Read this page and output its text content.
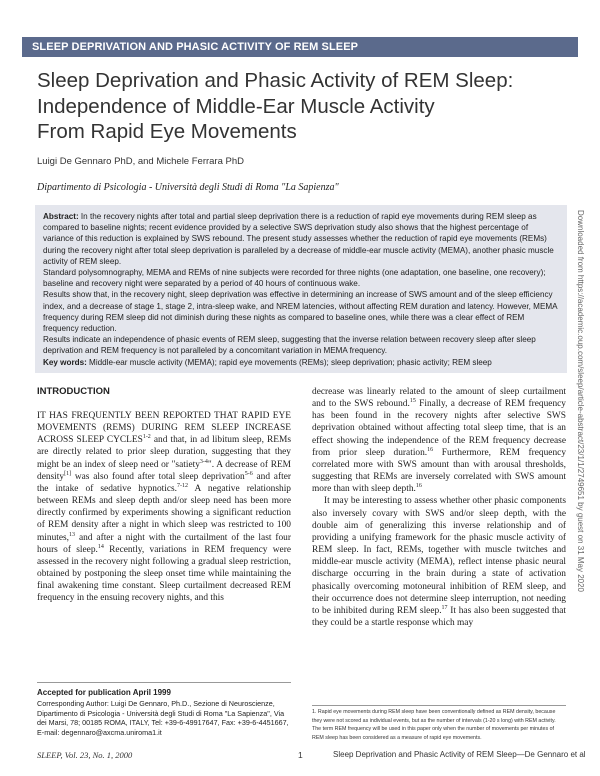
SLEEP DEPRIVATION AND PHASIC ACTIVITY OF REM SLEEP
Sleep Deprivation and Phasic Activity of REM Sleep:
Independence of Middle-Ear Muscle Activity
From Rapid Eye Movements
Luigi De Gennaro PhD, and Michele Ferrara PhD
Dipartimento di Psicologia - Università degli Studi di Roma "La Sapienza"

Abstract: In the recovery nights after total and partial sleep deprivation there is a reduction of rapid eye movements during REM sleep as compared to baseline nights; recent evidence provided by a selective SWS deprivation study also shows that the highest percentage of variance of this reduction is explained by SWS rebound. The present study assesses whether the reduction of rapid eye movements (REMs) during the recovery night after total sleep deprivation is paralleled by a decrease of middle-ear muscle activity (MEMA), another phasic muscle activity of REM sleep.

Standard polysomnography, MEMA and REMs of nine subjects were recorded for three nights (one adaptation, one baseline, one recovery); baseline and recovery night were separated by a period of 40 hours of continuous wake.

Results show that, in the recovery night, sleep deprivation was effective in determining an increase of SWS amount and of the sleep efficiency index, and a decrease of stage 1, stage 2, intra-sleep wake, and NREM latencies, without affecting REM duration and latency. However, MEMA frequency during REM sleep did not diminish during these nights as compared to baseline ones, while there was a clear effect of REM frequency reduction.

Results indicate an independence of phasic events of REM sleep, suggesting that the inverse relation between recovery sleep after sleep deprivation and REM frequency is not paralleled by a concomitant variation in MEMA frequency.

Key words: Middle-ear muscle activity (MEMA); rapid eye movements (REMs); sleep deprivation; phasic activity; REM sleep	Downloaded from https://academic.oup.com/sleep/article-abstract/23/1/1/2749651 by guest on 31 May 2020
INTRODUCTION

IT HAS FREQUENTLY BEEN REPORTED THAT RAPID EYE MOVEMENTS (REMS) DURING REM SLEEP INCREASE ACROSS SLEEP CYCLES$^{1-2}$ and that, in ad libitum sleep, REMs are directly related to prior sleep duration, suggesting that they might be an index of sleep need or "satiety$^{3-4}$". A decrease of REM density[1] was also found after total sleep deprivation$^{5-6}$ and after the intake of sedative hypnotics.$^{7-12}$ A negative relationship between REMs and sleep depth and/or sleep need has been more directly confirmed by experiments showing a significant reduction of REM density after a night in which sleep was restricted to 100 minutes,$^{13}$ and after a night with the curtailment of the last four hours of sleep.$^{14}$ Recently, variations in REM frequency were assessed in the recovery night following a gradual sleep restriction, obtained by postponing the sleep onset time while maintaining the final awakening time constant. Sleep curtailment decreased REM frequency in the ensuing recovery nights, and this

decrease was linearly related to the amount of sleep curtailment and to the SWS rebound.$^{15}$ Finally, a decrease of REM frequency has been found in the recovery nights after selective SWS deprivation obtained without affecting total sleep time, that is an effect showing the independence of the REM frequency decrease from prior sleep duration.$^{16}$ Furthermore, REM frequency correlated more with SWS amount than with arousal thresholds, suggesting that REMs are inversely correlated with SWS amount more than with sleep depth.$^{16}$

It may be interesting to assess whether other phasic components also inversely covary with SWS and/or sleep depth, with the double aim of generalizing this inverse relationship and of providing a unifying framework for the phasic muscle activity of REM sleep. In fact, REMs, together with muscle twitches and middle-ear muscle activity (MEMA), reflect intense phasic neural discharge occurring in the brain during a state of activation phasically overcoming motoneural inhibition of REM sleep, and their occurrence does not determine sleep interruption, not needing to be inhibited during REM sleep.$^{17}$ It has also been suggested that they could be a startle response which may

Accepted for publication April 1999
Corresponding Author: Luigi De Gennaro, Ph.D., Sezione di Neuroscienze, Dipartimento di Psicologia - Università degli Studi di Roma "La Sapienza", Via dei Marsi, 78; 00185 ROMA, ITALY, Tel: +39-6-49917647, Fax: +39-6-4451667, E-mail: degennaro@axcma.uniroma1.it
1. Rapid eye movements during REM sleep have been conventionally defined as REM density, because they were not scored as individual events, but as the number of intervals (1-20 s long) with REM activity. The term REM frequency will be used in this paper only when the number of movements per minutes of REM sleep has been considered as a measure of rapid eye movements.
SLEEP, Vol. 23, No. 1, 2000	1	Sleep Deprivation and Phasic Activity of REM Sleep—De Gennaro et al
